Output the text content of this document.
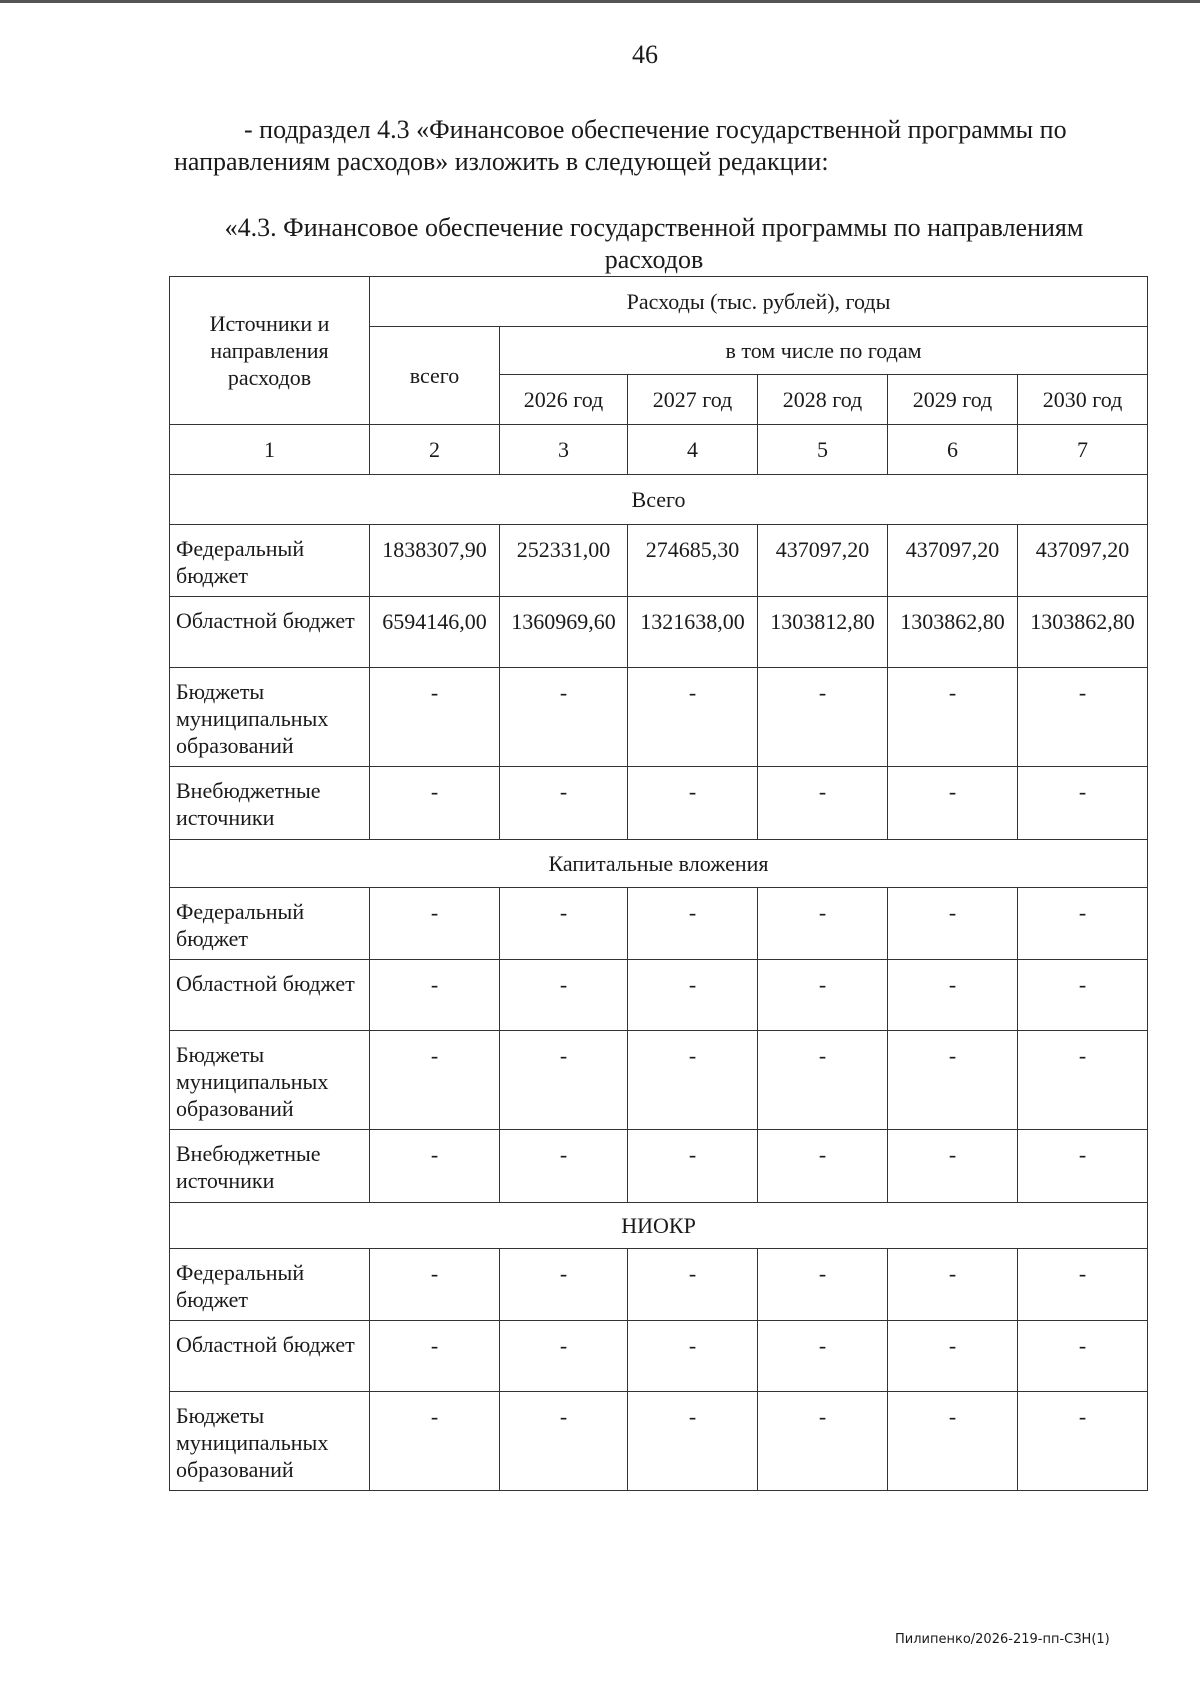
46
- подраздел 4.3 «Финансовое обеспечение государственной программы по направлениям расходов» изложить в следующей редакции:
«4.3. Финансовое обеспечение государственной программы по направлениям расходов
Источники и направления расходов	Расходы (тыс. рублей), годы					
	всего	в том числе по годам				
		2026 год	2027 год	2028 год	2029 год	2030 год
1	2	3	4	5	6	7
Всего						
Федеральный бюджет	1838307,90	252331,00	274685,30	437097,20	437097,20	437097,20
Областной бюджет	6594146,00	1360969,60	1321638,00	1303812,80	1303862,80	1303862,80
Бюджеты муниципальных образований	-	-	-	-	-	-
Внебюджетные источники	-	-	-	-	-	-
Капитальные вложения						
Федеральный бюджет	-	-	-	-	-	-
Областной бюджет	-	-	-	-	-	-
Бюджеты муниципальных образований	-	-	-	-	-	-
Внебюджетные источники	-	-	-	-	-	-
НИОКР						
Федеральный бюджет	-	-	-	-	-	-
Областной бюджет	-	-	-	-	-	-
Бюджеты муниципальных образований	-	-	-	-	-	-
Пилипенко/2026-219-пп-СЗН(1)
